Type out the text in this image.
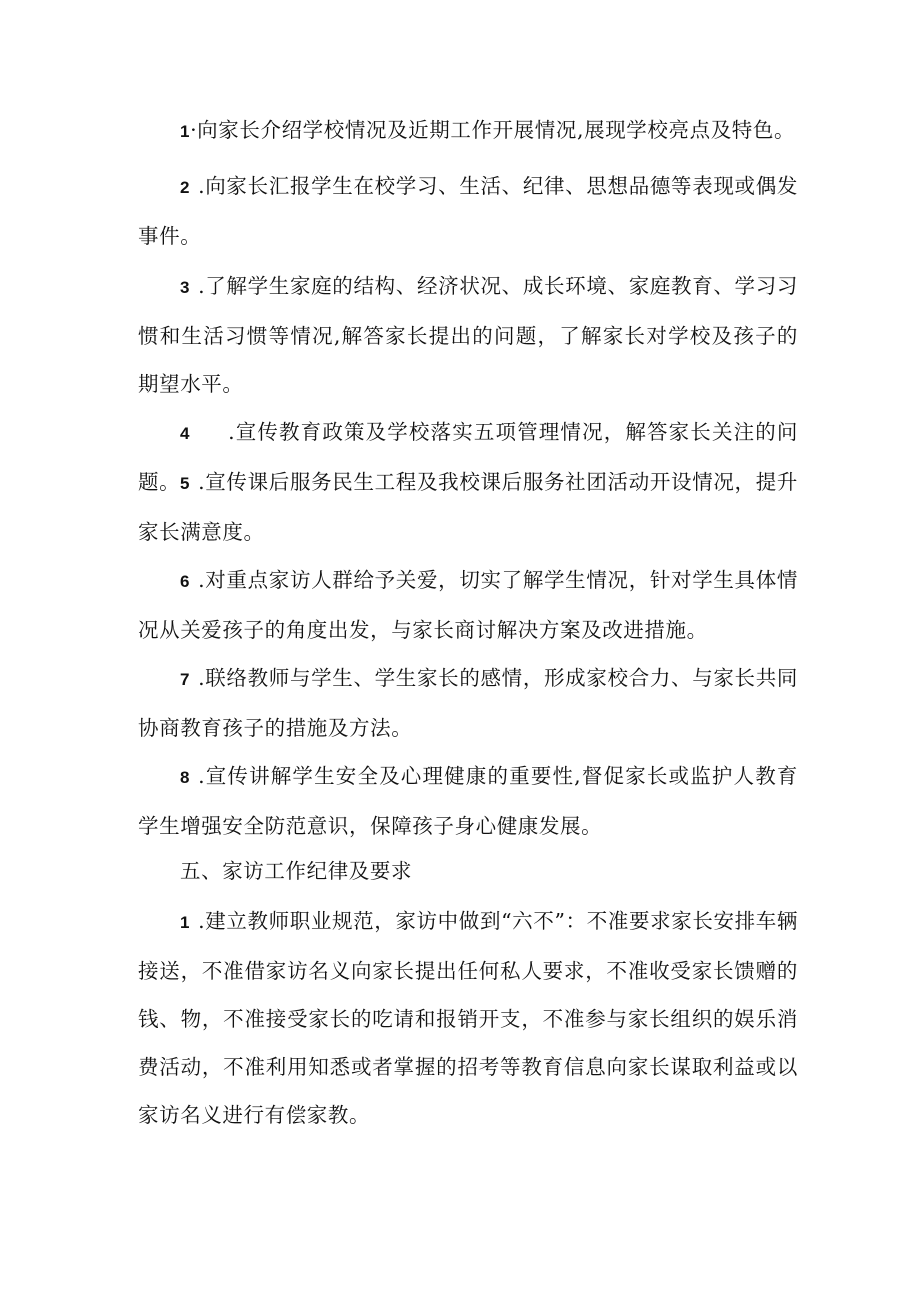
1·向家长介绍学校情况及近期工作开展情况,展现学校亮点及特色。

2 .向家长汇报学生在校学习、生活、纪律、思想品德等表现或偶发事件。

3 .了解学生家庭的结构、经济状况、成长环境、家庭教育、学习习惯和生活习惯等情况,解答家长提出的问题，了解家长对学校及孩子的期望水平。

4 .宣传教育政策及学校落实五项管理情况，解答家长关注的问题。 5 .宣传课后服务民生工程及我校课后服务社团活动开设情况，提升家长满意度。

6 .对重点家访人群给予关爱，切实了解学生情况，针对学生具体情况从关爱孩子的角度出发，与家长商讨解决方案及改进措施。

7 .联络教师与学生、学生家长的感情，形成家校合力、与家长共同协商教育孩子的措施及方法。

8 .宣传讲解学生安全及心理健康的重要性,督促家长或监护人教育学生增强安全防范意识，保障孩子身心健康发展。

五、家访工作纪律及要求

1 .建立教师职业规范，家访中做到“六不”：不准要求家长安排车辆接送，不准借家访名义向家长提出任何私人要求，不准收受家长馈赠的钱、物，不准接受家长的吃请和报销开支，不准参与家长组织的娱乐消费活动，不准利用知悉或者掌握的招考等教育信息向家长谋取利益或以家访名义进行有偿家教。
